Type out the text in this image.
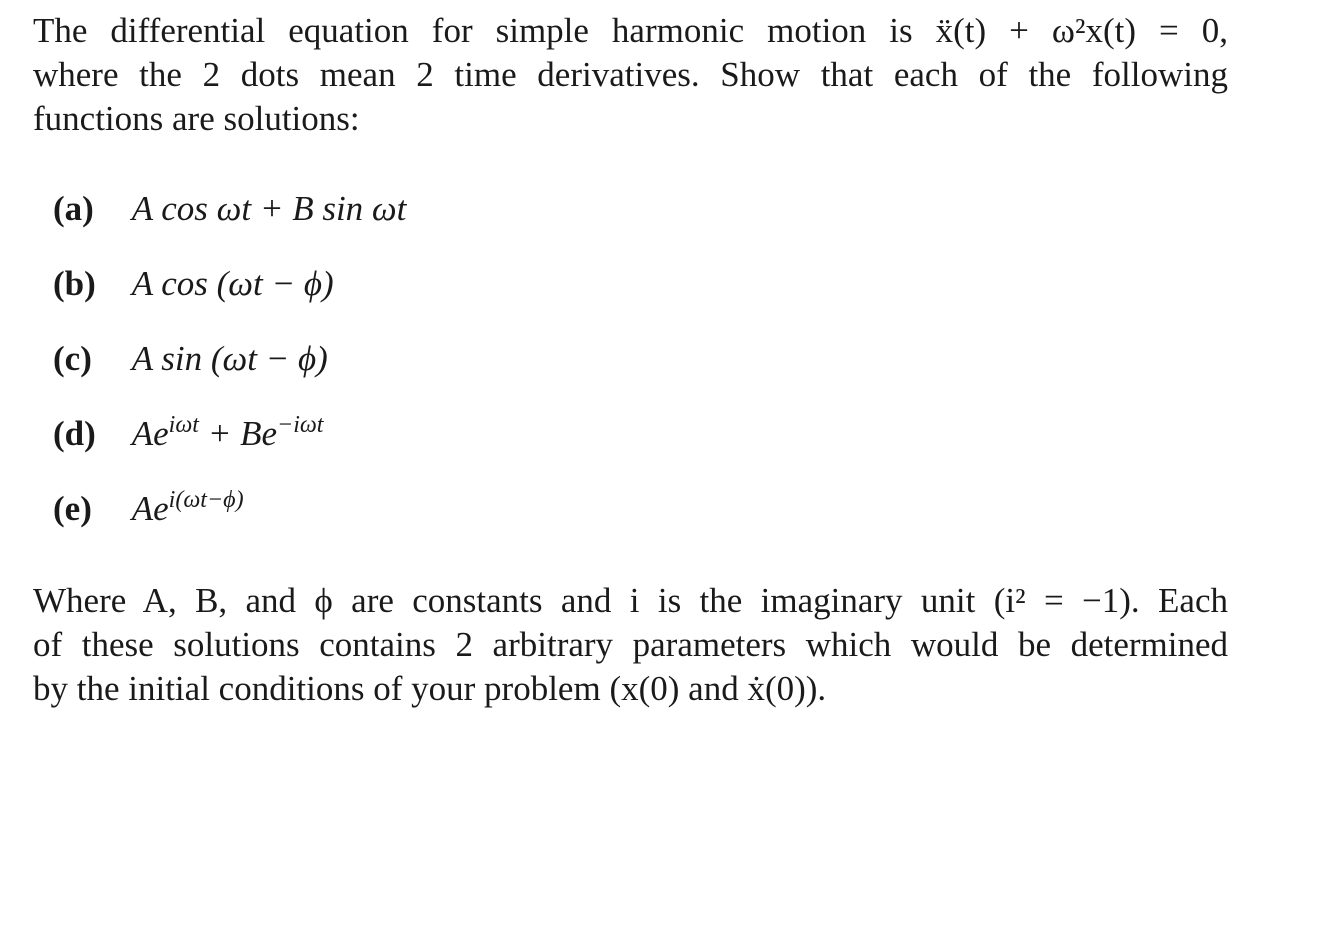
The differential equation for simple harmonic motion is ẍ(t) + ω²x(t) = 0,
where the 2 dots mean 2 time derivatives. Show that each of the following
functions are solutions:

(a) A cos ωt + B sin ωt
(b) A cos (ωt − ϕ)
(c) A sin (ωt − ϕ)
(d) $Ae^{i\omega t} + Be^{-i\omega t}$
(e) $Ae^{i(\omega t-\phi)}$

Where A, B, and ϕ are constants and i is the imaginary unit (i² = −1). Each
of these solutions contains 2 arbitrary parameters which would be determined
by the initial conditions of your problem (x(0) and ẋ(0)).
